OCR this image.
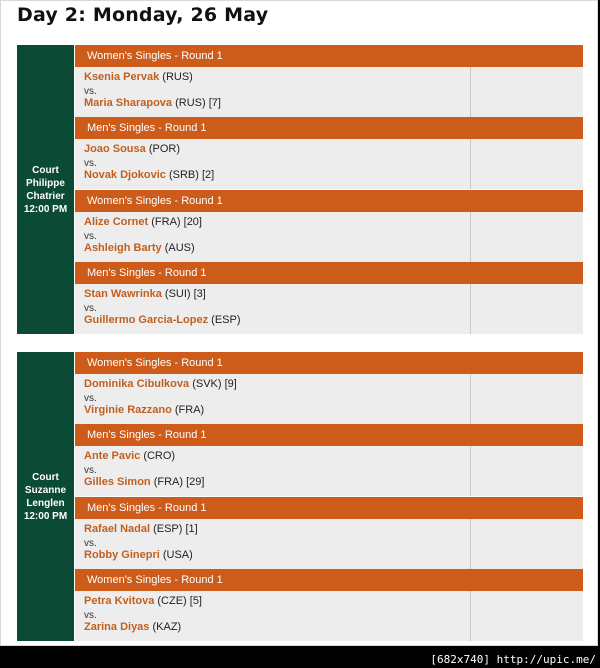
Day 2: Monday, 26 May
Court
Philippe
Chatrier
12:00 PM
Women's Singles - Round 1
Ksenia Pervak (RUS)
vs.
Maria Sharapova (RUS) [7]
Men's Singles - Round 1
Joao Sousa (POR)
vs.
Novak Djokovic (SRB) [2]
Women's Singles - Round 1
Alize Cornet (FRA) [20]
vs.
Ashleigh Barty (AUS)
Men's Singles - Round 1
Stan Wawrinka (SUI) [3]
vs.
Guillermo Garcia-Lopez (ESP)
Court
Suzanne
Lenglen
12:00 PM
Women's Singles - Round 1
Dominika Cibulkova (SVK) [9]
vs.
Virginie Razzano (FRA)
Men's Singles - Round 1
Ante Pavic (CRO)
vs.
Gilles Simon (FRA) [29]
Men's Singles - Round 1
Rafael Nadal (ESP) [1]
vs.
Robby Ginepri (USA)
Women's Singles - Round 1
Petra Kvitova (CZE) [5]
vs.
Zarina Diyas (KAZ)
[682x740] http://upic.me/
